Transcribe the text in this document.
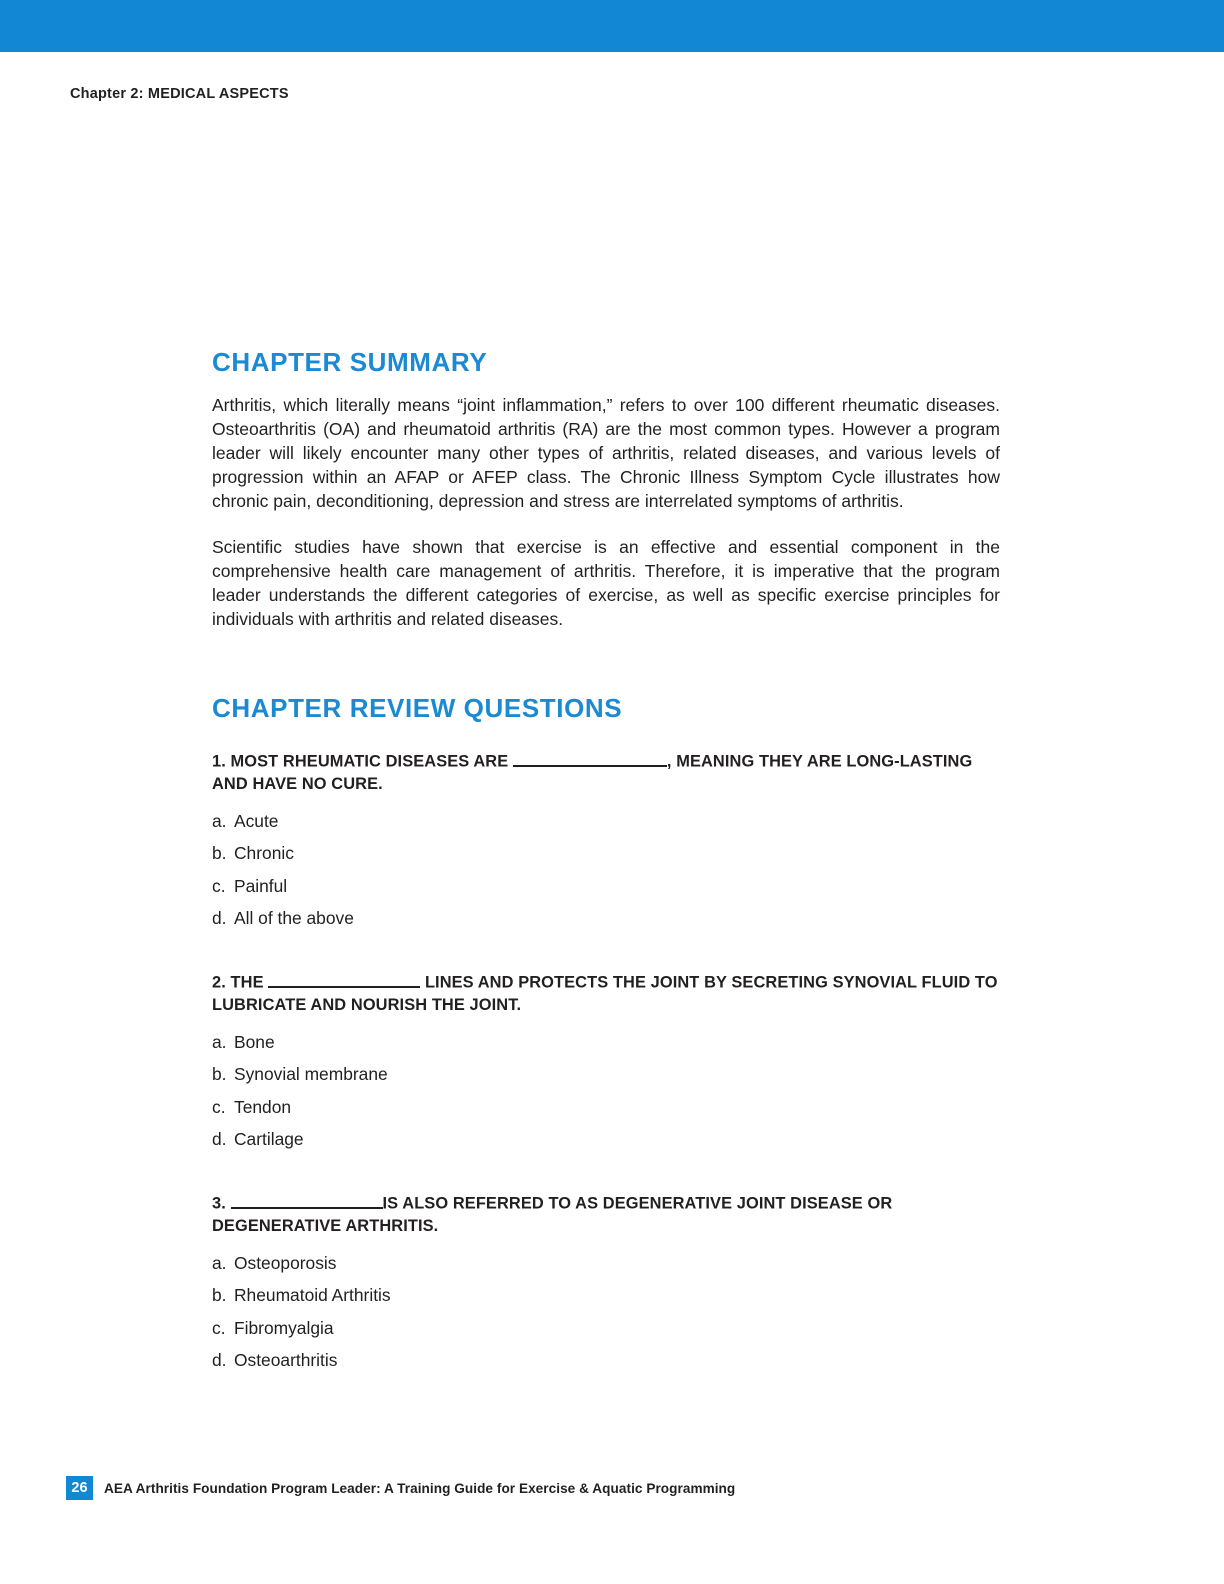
Chapter 2: MEDICAL ASPECTS
CHAPTER SUMMARY

Arthritis, which literally means “joint inflammation,” refers to over 100 different rheumatic diseases. Osteoarthritis (OA) and rheumatoid arthritis (RA) are the most common types. However a program leader will likely encounter many other types of arthritis, related diseases, and various levels of progression within an AFAP or AFEP class. The Chronic Illness Symptom Cycle illustrates how chronic pain, deconditioning, depression and stress are interrelated symptoms of arthritis.

Scientific studies have shown that exercise is an effective and essential component in the comprehensive health care management of arthritis. Therefore, it is imperative that the program leader understands the different categories of exercise, as well as specific exercise principles for individuals with arthritis and related diseases.

CHAPTER REVIEW QUESTIONS

1. MOST RHEUMATIC DISEASES ARE	, MEANING THEY ARE LONG-LASTING AND HAVE NO CURE.

a. Acute
b. Chronic
c. Painful
d. All of the above

2. THE	LINES AND PROTECTS THE JOINT BY SECRETING SYNOVIAL FLUID TO LUBRICATE AND NOURISH THE JOINT.

a. Bone
b. Synovial membrane
c. Tendon
d. Cartilage

3.	IS ALSO REFERRED TO AS DEGENERATIVE JOINT DISEASE OR DEGENERATIVE ARTHRITIS.

a. Osteoporosis
b. Rheumatoid Arthritis
c. Fibromyalgia
d. Osteoarthritis
26	AEA Arthritis Foundation Program Leader: A Training Guide for Exercise & Aquatic Programming
